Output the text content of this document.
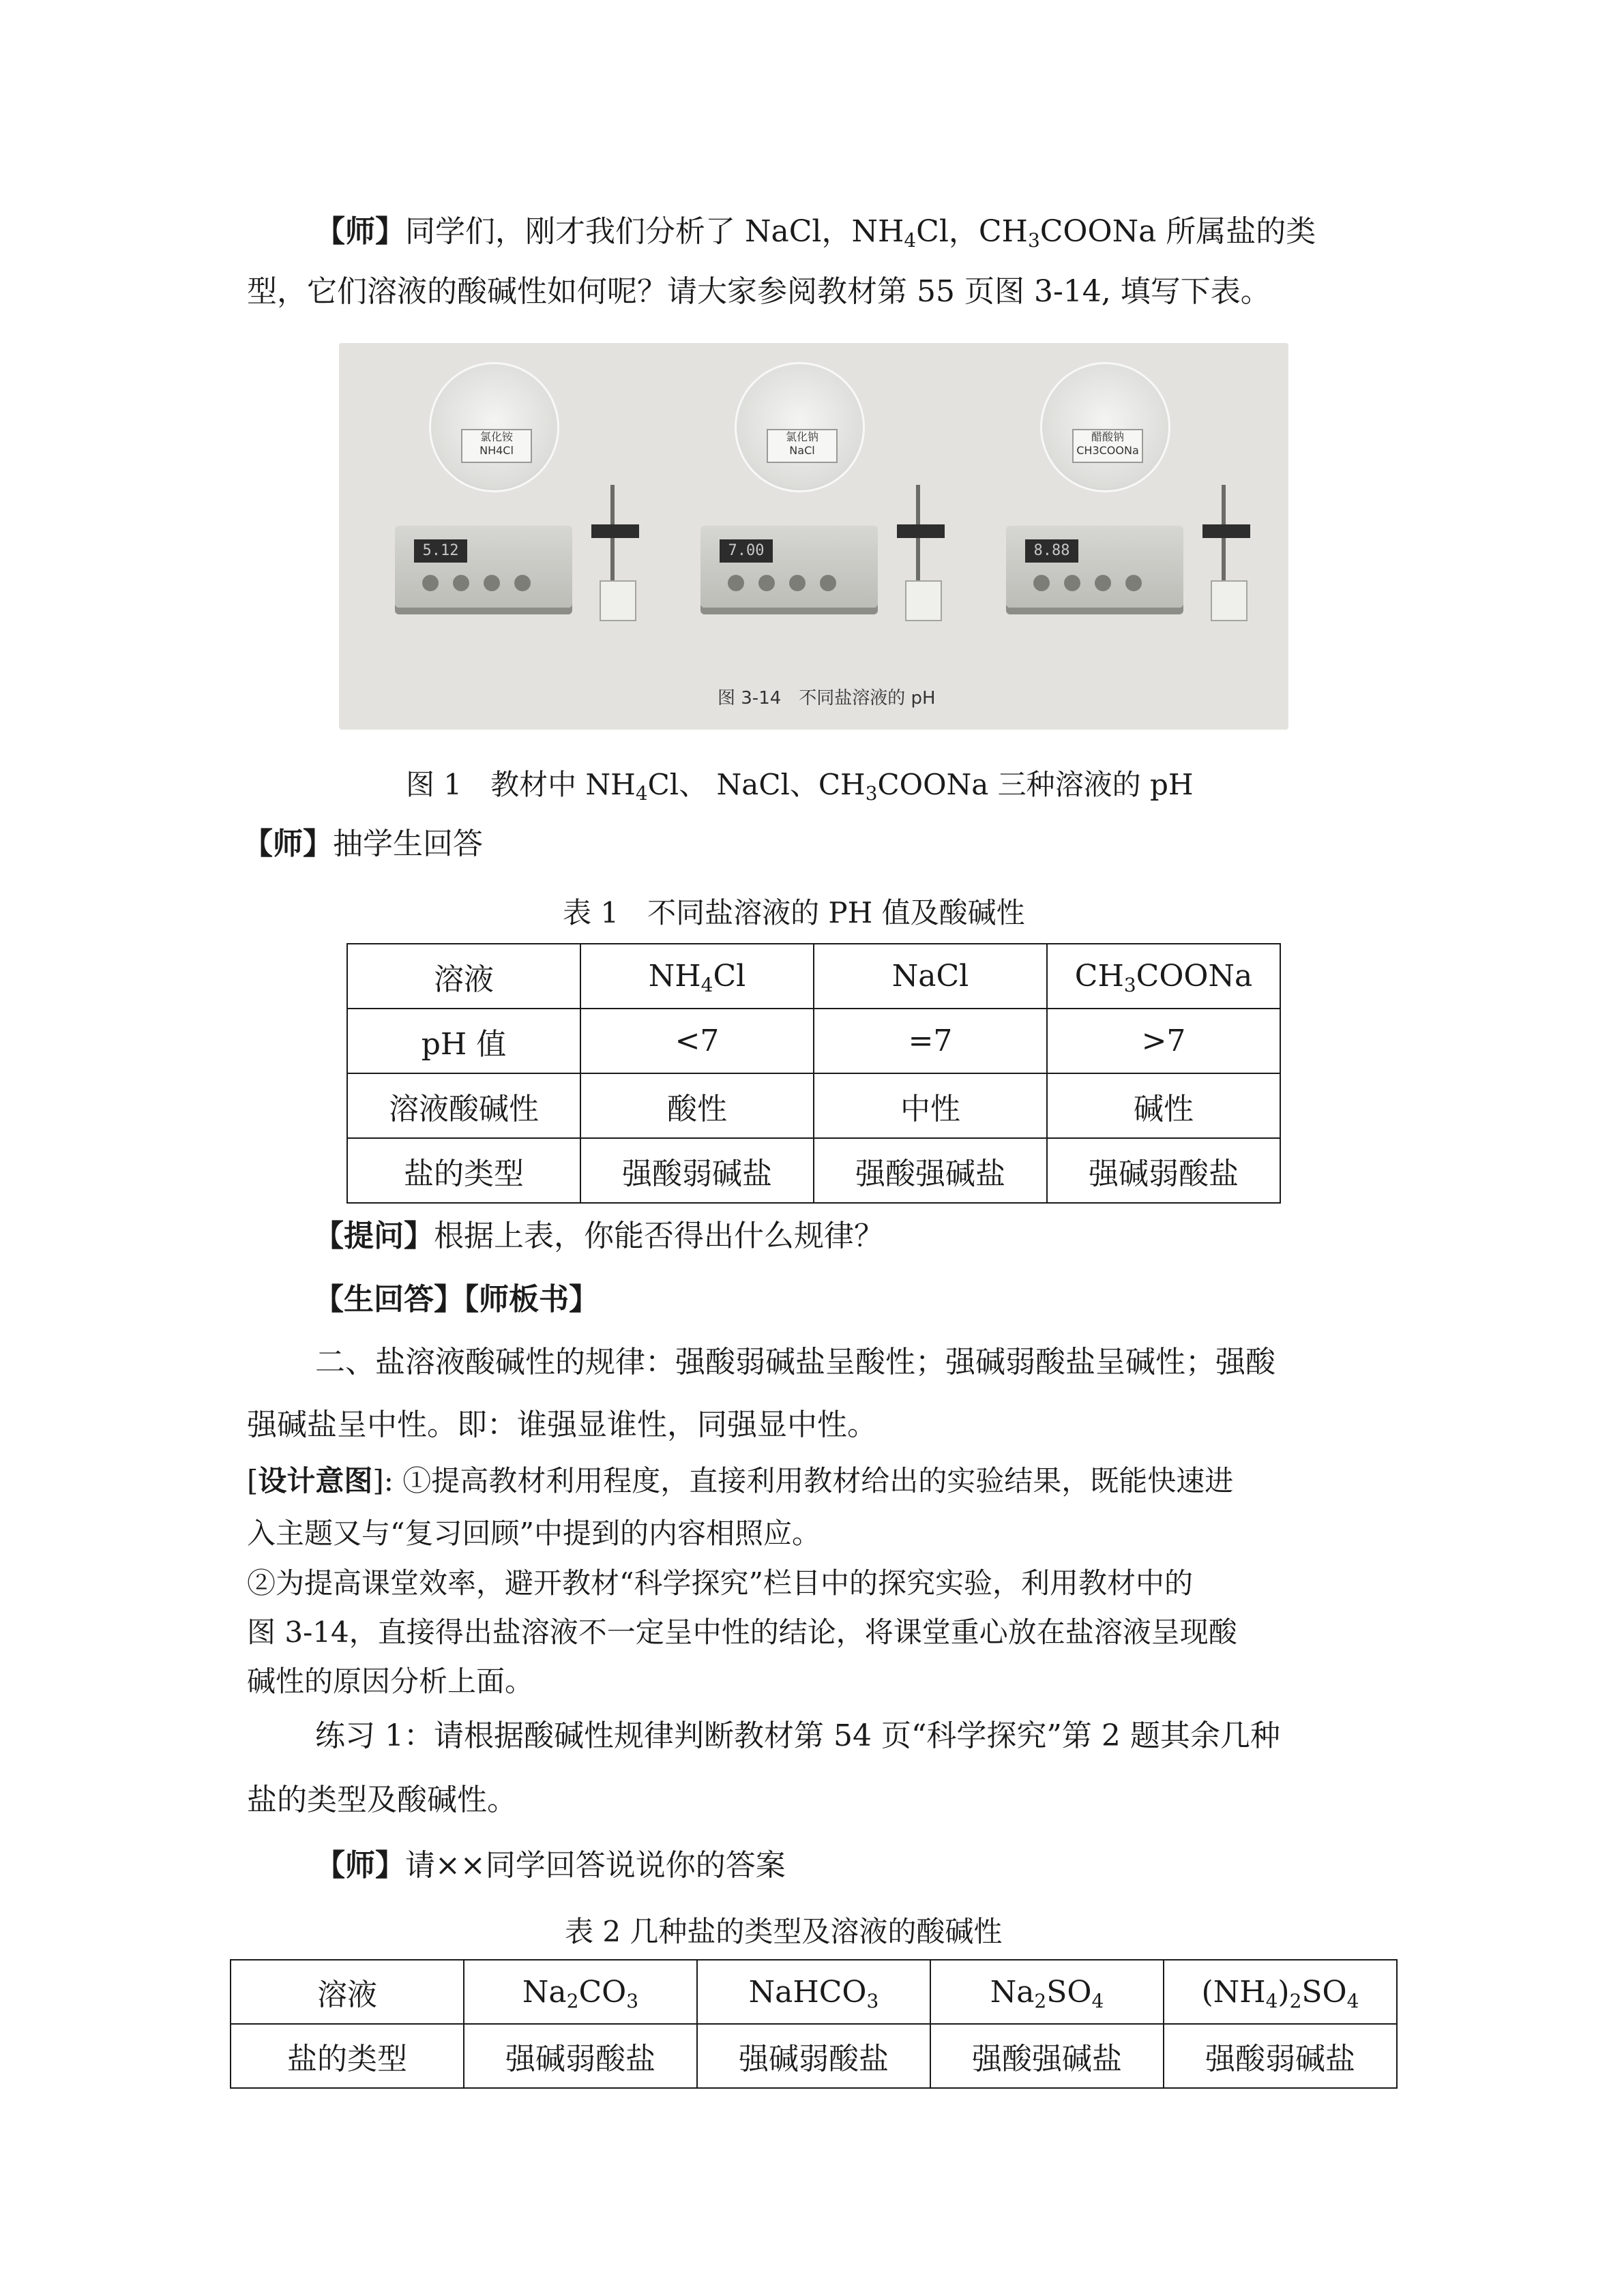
【师】同学们，刚才我们分析了 NaCl，NH4Cl，CH3COONa 所属盐的类
型，它们溶液的酸碱性如何呢？请大家参阅教材第 55 页图 3-14, 填写下表。
氯化铵
NH4Cl
5.12
氯化钠
NaCl
7.00
醋酸钠
CH3COONa
8.88
图 3-14　不同盐溶液的 pH
图 1　教材中 NH4Cl、 NaCl、CH3COONa 三种溶液的 pH
【师】抽学生回答
表 1　不同盐溶液的 PH 值及酸碱性
溶液	NH4Cl	NaCl	CH3COONa
pH 值	<7	=7	>7
溶液酸碱性	酸性	中性	碱性
盐的类型	强酸弱碱盐	强酸强碱盐	强碱弱酸盐
【提问】根据上表，你能否得出什么规律？
【生回答】【师板书】
二、盐溶液酸碱性的规律：强酸弱碱盐呈酸性；强碱弱酸盐呈碱性；强酸
强碱盐呈中性。即：谁强显谁性，同强显中性。
[设计意图]: ①提高教材利用程度，直接利用教材给出的实验结果，既能快速进
入主题又与“复习回顾”中提到的内容相照应。
②为提高课堂效率，避开教材“科学探究”栏目中的探究实验，利用教材中的
图 3-14，直接得出盐溶液不一定呈中性的结论，将课堂重心放在盐溶液呈现酸
碱性的原因分析上面。
练习 1：请根据酸碱性规律判断教材第 54 页“科学探究”第 2 题其余几种
盐的类型及酸碱性。
【师】请××同学回答说说你的答案
表 2 几种盐的类型及溶液的酸碱性
溶液	Na2CO3	NaHCO3	Na2SO4	(NH4)2SO4
盐的类型	强碱弱酸盐	强碱弱酸盐	强酸强碱盐	强酸弱碱盐
